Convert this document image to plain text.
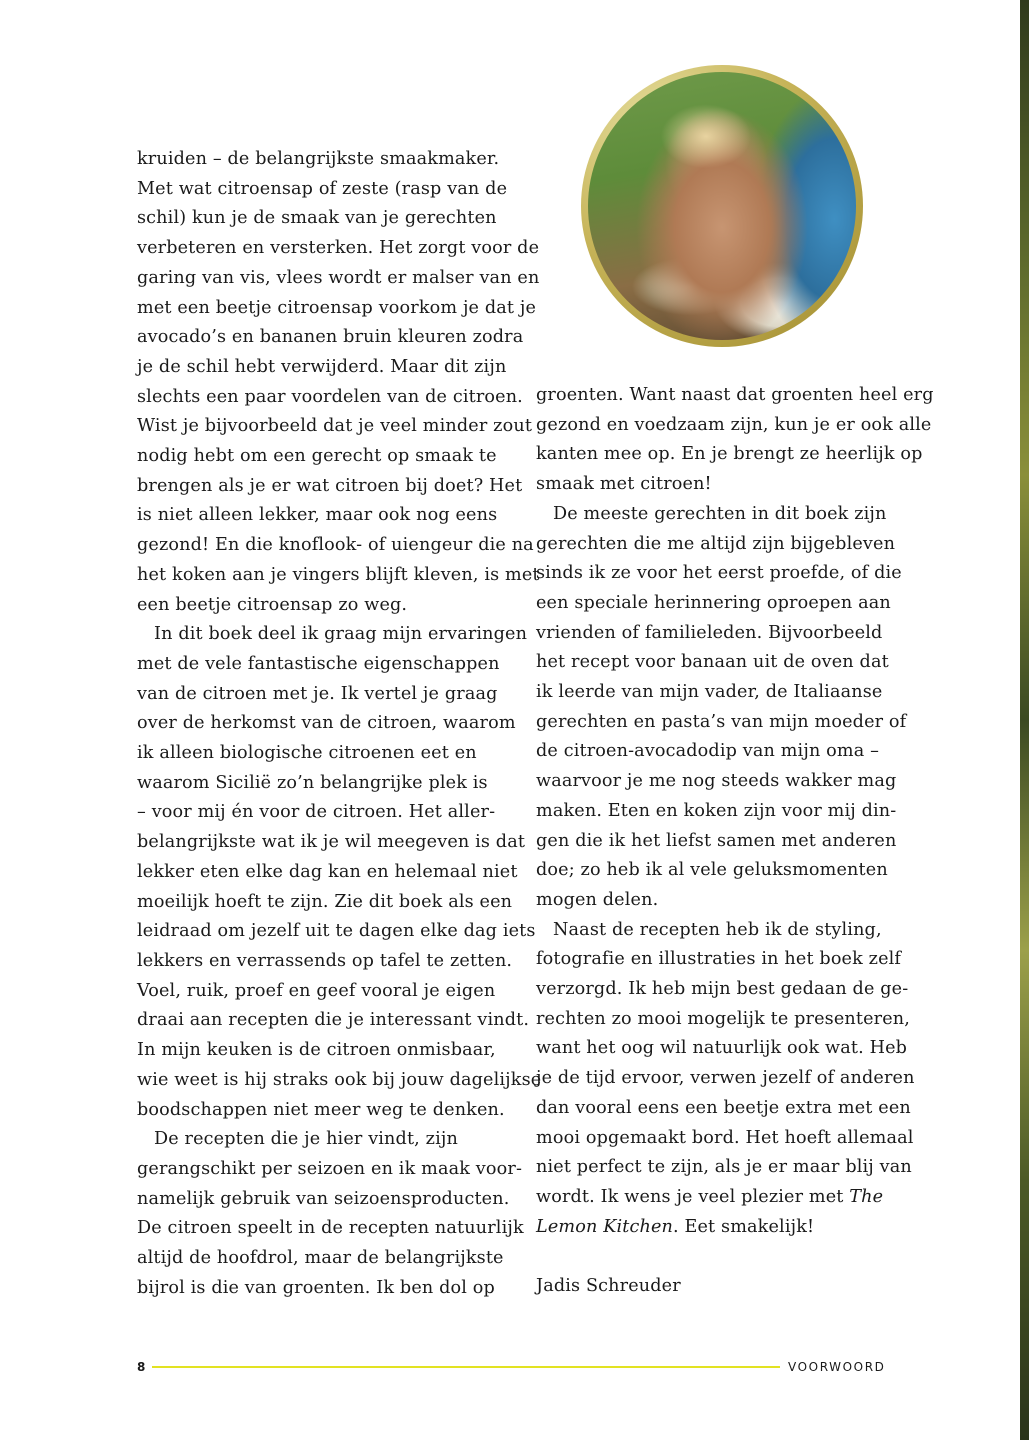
kruiden – de belangrijkste smaakmaker.
Met wat citroensap of zeste (rasp van de
schil) kun je de smaak van je gerechten
verbeteren en versterken. Het zorgt voor de
garing van vis, vlees wordt er malser van en
met een beetje citroensap voorkom je dat je
avocado’s en bananen bruin kleuren zodra
je de schil hebt verwijderd. Maar dit zijn
slechts een paar voordelen van de citroen.
Wist je bijvoorbeeld dat je veel minder zout
nodig hebt om een gerecht op smaak te
brengen als je er wat citroen bij doet? Het
is niet alleen lekker, maar ook nog eens
gezond! En die knoflook- of uiengeur die na
het koken aan je vingers blijft kleven, is met
een beetje citroensap zo weg.
In dit boek deel ik graag mijn ervaringen
met de vele fantastische eigenschappen
van de citroen met je. Ik vertel je graag
over de herkomst van de citroen, waarom
ik alleen biologische citroenen eet en
waarom Sicilië zo’n belangrijke plek is
– voor mij én voor de citroen. Het aller-
belangrijkste wat ik je wil meegeven is dat
lekker eten elke dag kan en helemaal niet
moeilijk hoeft te zijn. Zie dit boek als een
leidraad om jezelf uit te dagen elke dag iets
lekkers en verrassends op tafel te zetten.
Voel, ruik, proef en geef vooral je eigen
draai aan recepten die je interessant vindt.
In mijn keuken is de citroen onmisbaar,
wie weet is hij straks ook bij jouw dagelijkse
boodschappen niet meer weg te denken.
De recepten die je hier vindt, zijn
gerangschikt per seizoen en ik maak voor-
namelijk gebruik van seizoensproducten.
De citroen speelt in de recepten natuurlijk
altijd de hoofdrol, maar de belangrijkste
bijrol is die van groenten. Ik ben dol op
groenten. Want naast dat groenten heel erg
gezond en voedzaam zijn, kun je er ook alle
kanten mee op. En je brengt ze heerlijk op
smaak met citroen!
De meeste gerechten in dit boek zijn
gerechten die me altijd zijn bijgebleven
sinds ik ze voor het eerst proefde, of die
een speciale herinnering oproepen aan
vrienden of familieleden. Bijvoorbeeld
het recept voor banaan uit de oven dat
ik leerde van mijn vader, de Italiaanse
gerechten en pasta’s van mijn moeder of
de citroen-avocadodip van mijn oma –
waarvoor je me nog steeds wakker mag
maken. Eten en koken zijn voor mij din-
gen die ik het liefst samen met anderen
doe; zo heb ik al vele geluksmomenten
mogen delen.
Naast de recepten heb ik de styling,
fotografie en illustraties in het boek zelf
verzorgd. Ik heb mijn best gedaan de ge-
rechten zo mooi mogelijk te presenteren,
want het oog wil natuurlijk ook wat. Heb
je de tijd ervoor, verwen jezelf of anderen
dan vooral eens een beetje extra met een
mooi opgemaakt bord. Het hoeft allemaal
niet perfect te zijn, als je er maar blij van
wordt. Ik wens je veel plezier met The
Lemon Kitchen. Eet smakelijk!
Jadis Schreuder
8	VOORWOORD
